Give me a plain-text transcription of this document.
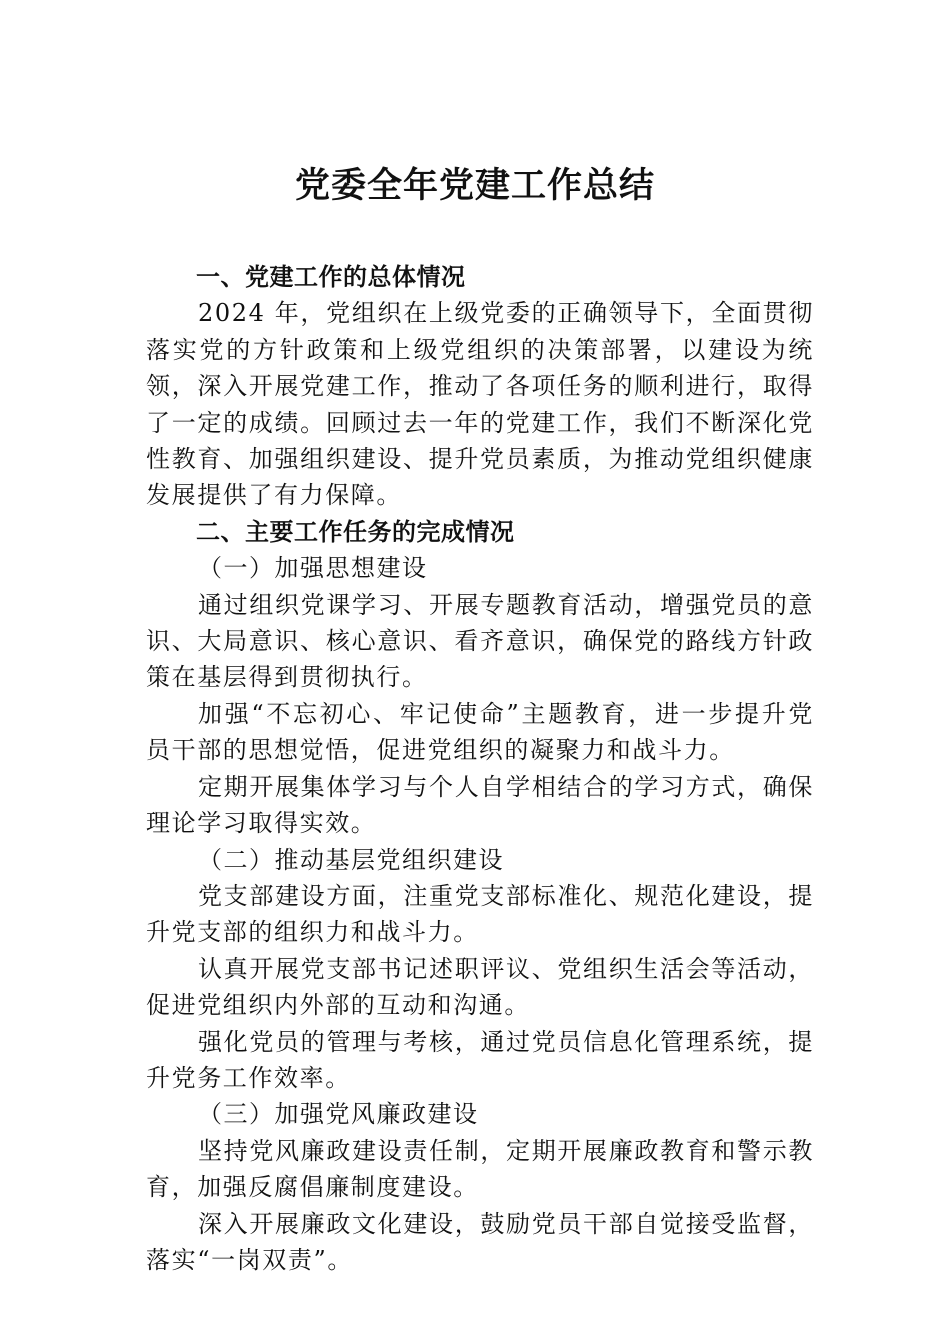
党委全年党建工作总结

一、党建工作的总体情况

2024 年，党组织在上级党委的正确领导下，全面贯彻落实党的方针政策和上级党组织的决策部署，以建设为统领，深入开展党建工作，推动了各项任务的顺利进行，取得了一定的成绩。回顾过去一年的党建工作，我们不断深化党性教育、加强组织建设、提升党员素质，为推动党组织健康发展提供了有力保障。

二、主要工作任务的完成情况

（一）加强思想建设

通过组织党课学习、开展专题教育活动，增强党员的意识、大局意识、核心意识、看齐意识，确保党的路线方针政策在基层得到贯彻执行。

加强“不忘初心、牢记使命”主题教育，进一步提升党员干部的思想觉悟，促进党组织的凝聚力和战斗力。

定期开展集体学习与个人自学相结合的学习方式，确保理论学习取得实效。

（二）推动基层党组织建设

党支部建设方面，注重党支部标准化、规范化建设，提升党支部的组织力和战斗力。

认真开展党支部书记述职评议、党组织生活会等活动，促进党组织内外部的互动和沟通。

强化党员的管理与考核，通过党员信息化管理系统，提升党务工作效率。

（三）加强党风廉政建设

坚持党风廉政建设责任制，定期开展廉政教育和警示教育，加强反腐倡廉制度建设。

深入开展廉政文化建设，鼓励党员干部自觉接受监督，落实“一岗双责”。
